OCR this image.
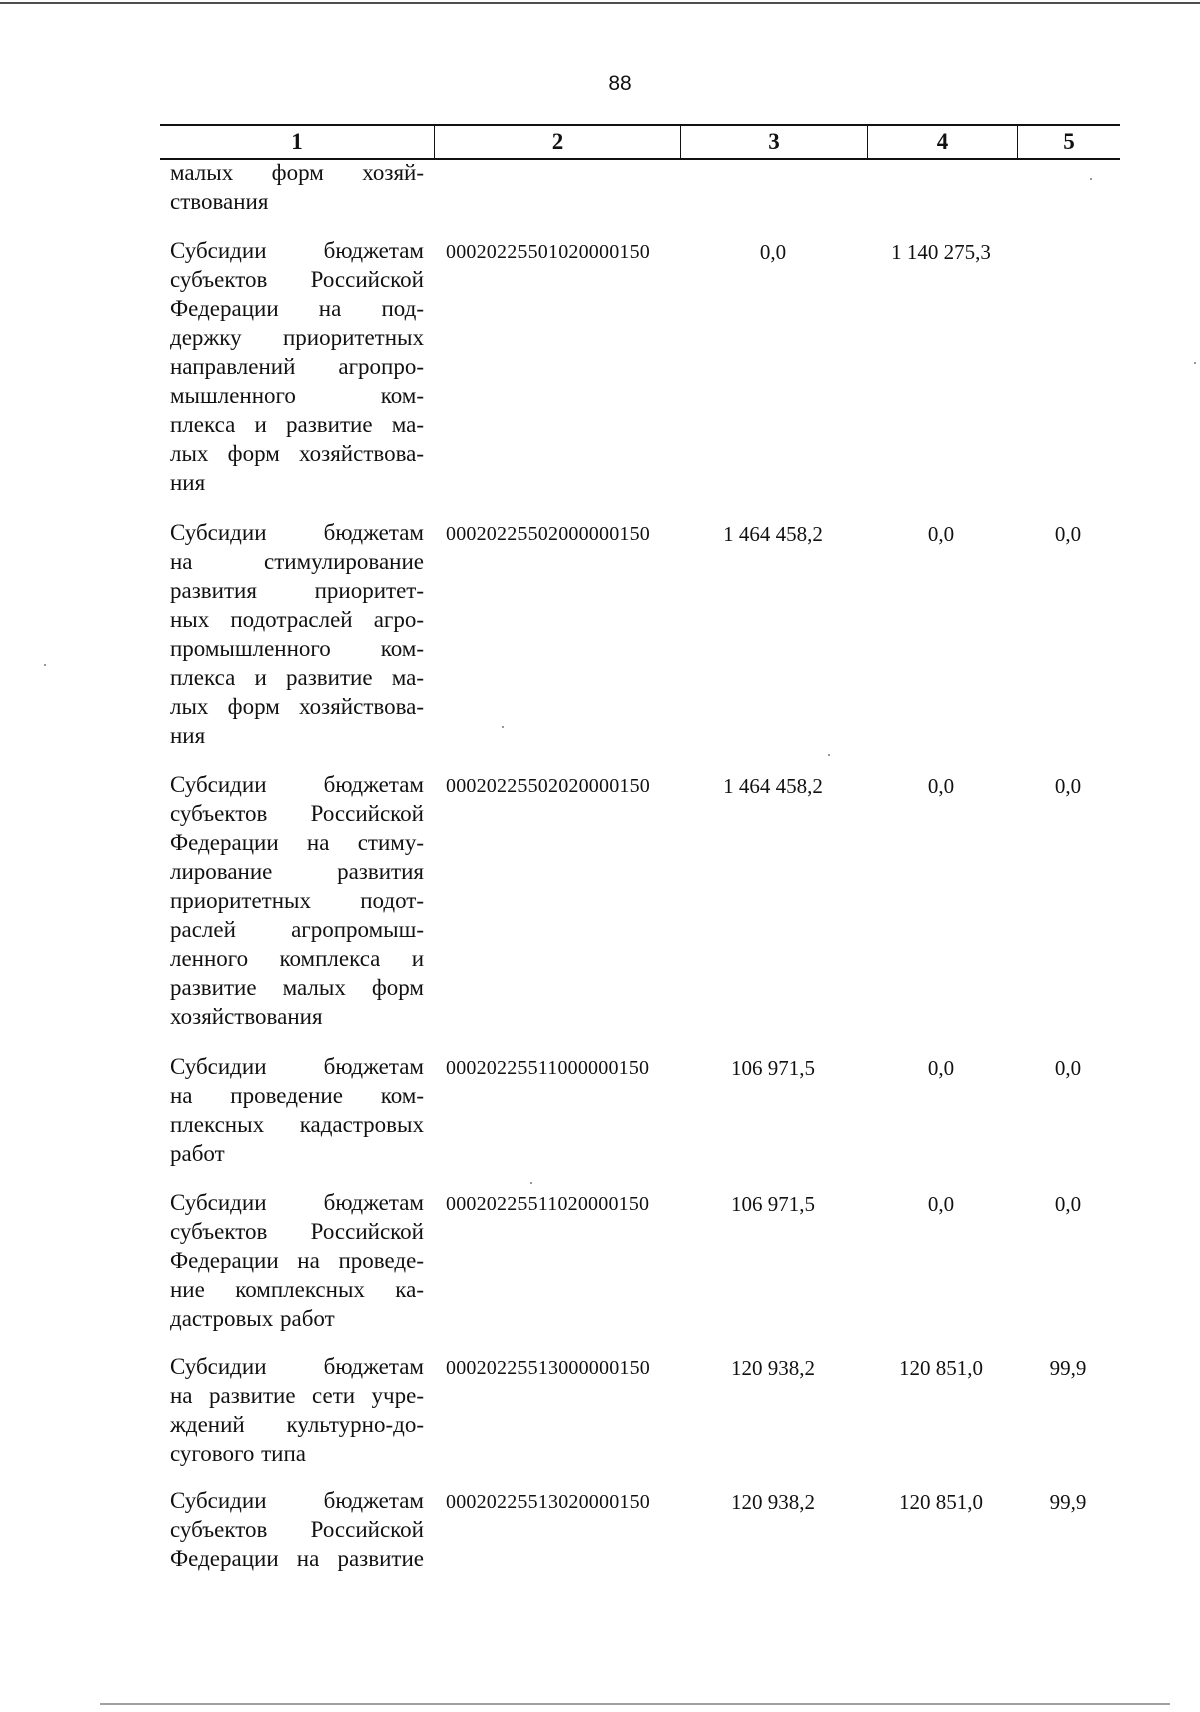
88
1	2	3	4	5
малых форм хозяй-
ствования
Субсидии бюджетам
субъектов Российской
Федерации на под-
держку приоритетных
направлений агропро-
мышленного ком-
плекса и развитие ма-
лых форм хозяйствова-
ния
00020225501020000150	0,0	1 140 275,3
Субсидии бюджетам
на стимулирование
развития приоритет-
ных подотраслей агро-
промышленного ком-
плекса и развитие ма-
лых форм хозяйствова-
ния
00020225502000000150	1 464 458,2	0,0	0,0
Субсидии бюджетам
субъектов Российской
Федерации на стиму-
лирование развития
приоритетных подот-
раслей агропромыш-
ленного комплекса и
развитие малых форм
хозяйствования
00020225502020000150	1 464 458,2	0,0	0,0
Субсидии бюджетам
на проведение ком-
плексных кадастровых
работ
00020225511000000150	106 971,5	0,0	0,0
Субсидии бюджетам
субъектов Российской
Федерации на проведе-
ние комплексных ка-
дастровых работ
00020225511020000150	106 971,5	0,0	0,0
Субсидии бюджетам
на развитие сети учре-
ждений культурно-до-
сугового типа
00020225513000000150	120 938,2	120 851,0	99,9
Субсидии бюджетам
субъектов Российской
Федерации на развитие
00020225513020000150	120 938,2	120 851,0	99,9
